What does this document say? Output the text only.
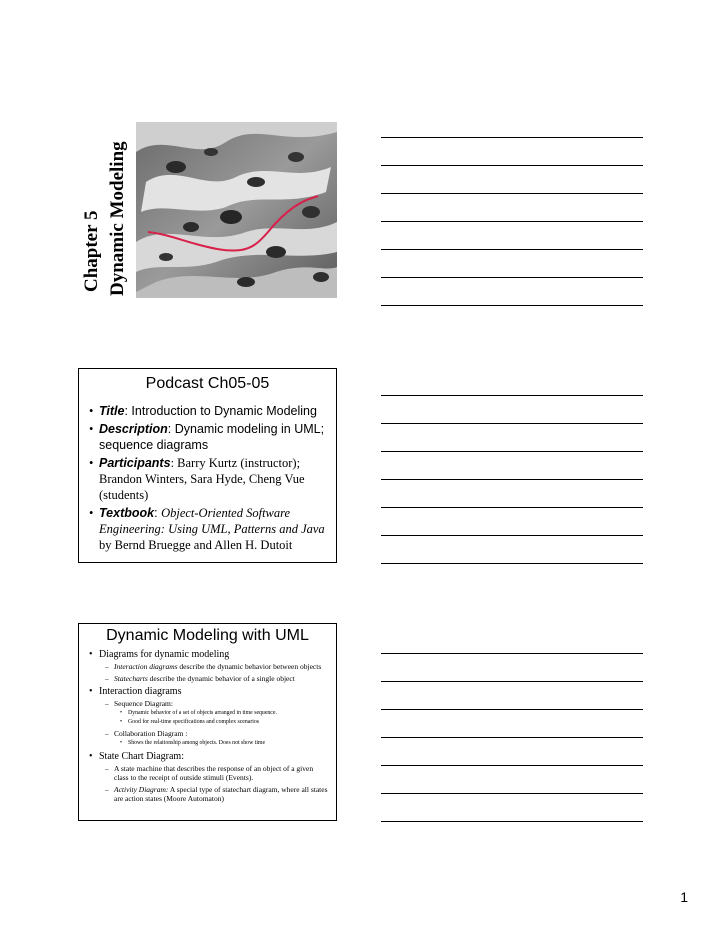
Chapter 5 Dynamic Modeling
Podcast Ch05-05
• Title: Introduction to Dynamic Modeling
• Description: Dynamic modeling in UML; sequence diagrams
• Participants: Barry Kurtz (instructor); Brandon Winters, Sara Hyde, Cheng Vue (students)
• Textbook: Object-Oriented Software Engineering: Using UML, Patterns and Java by Bernd Bruegge and Allen H. Dutoit
Dynamic Modeling with UML
• Diagrams for dynamic modeling
– Interaction diagrams describe the dynamic behavior between objects
– Statecharts describe the dynamic behavior of a single object
• Interaction diagrams
– Sequence Diagram:
• Dynamic behavior of a set of objects arranged in time sequence.
• Good for real-time specifications and complex scenarios
– Collaboration Diagram :
• Shows the relationship among objects. Does not show time
• State Chart Diagram:
– A state machine that describes the response of an object of a given class to the receipt of outside stimuli (Events).
– Activity Diagram: A special type of statechart diagram, where all states are action states (Moore Automaton)
1
